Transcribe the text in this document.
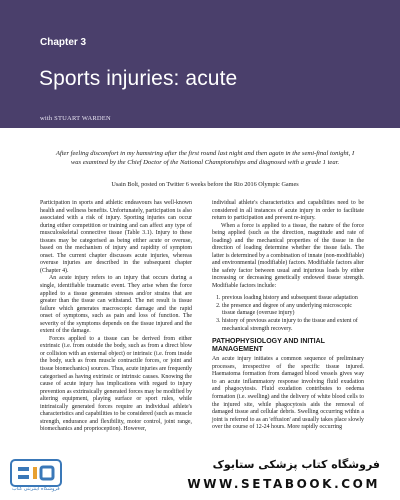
Chapter 3
Sports injuries: acute
with STUART WARDEN

After feeling discomfort in my hamstring after the first round last night and then again in the semi-final tonight, I was examined by the Chief Doctor of the National Championships and diagnosed with a grade 1 tear.

Usain Bolt, posted on Twitter 6 weeks before the Rio 2016 Olympic Games

Participation in sports and athletic endeavours has well-known health and wellness benefits. Unfortunately, participation is also associated with a risk of injury. Sporting injuries can occur during either competition or training and can affect any type of musculoskeletal connective tissue (Table 3.1). Injury to these tissues may be categorised as being either acute or overuse, based on the mechanism of injury and rapidity of symptom onset. The current chapter discusses acute injuries, whereas overuse injuries are described in the subsequent chapter (Chapter 4).

An acute injury refers to an injury that occurs during a single, identifiable traumatic event. They arise when the force applied to a tissue generates stresses and/or strains that are greater than the tissue can withstand. The net result is tissue failure which generates macroscopic damage and the rapid onset of symptoms, such as pain and loss of function. The severity of the symptoms depends on the tissue injured and the extent of the damage.

Forces applied to a tissue can be derived from either extrinsic (i.e. from outside the body, such as from a direct blow or collision with an external object) or intrinsic (i.e. from inside the body, such as from muscle contractile forces, or joint and tissue biomechanics) sources. Thus, acute injuries are frequently categorised as having extrinsic or intrinsic causes. Knowing the cause of acute injury has implications with regard to injury prevention as extrinsically generated forces may be modified by altering equipment, playing surface or sport rules, while intrinsically generated forces require an individual athlete's characteristics and capabilities to be considered (such as muscle strength, endurance and flexibility, motor control, joint range, biomechanics and proprioception). However,

individual athlete's characteristics and capabilities need to be considered in all instances of acute injury in order to facilitate return to participation and prevent re-injury.

When a force is applied to a tissue, the nature of the force being applied (such as the direction, magnitude and rate of loading) and the mechanical properties of the tissue in the direction of loading determine whether the tissue fails. The latter is determined by a combination of innate (non-modifiable) and environmental (modifiable) factors. Modifiable factors alter the safety factor between usual and injurious loads by either increasing or decreasing genetically endowed tissue strength. Modifiable factors include:

1. previous loading history and subsequent tissue adaptation
2. the presence and degree of any underlying microscopic tissue damage (overuse injury)
3. history of previous acute injury to the tissue and extent of mechanical strength recovery.
PATHOPHYSIOLOGY AND INITIAL MANAGEMENT

An acute injury initiates a common sequence of preliminary processes, irrespective of the specific tissue injured. Haematoma formation from damaged blood vessels gives way to an acute inflammatory response involving fluid exudation and phagocytosis. Fluid exudation contributes to oedema formation (i.e. swelling) and the delivery of white blood cells to the injured site, while phagocytosis aids the removal of damaged tissue and cellular debris. Swelling occurring within a joint is referred to as an 'effusion' and usually takes place slowly over the course of 12-24 hours. More rapidly occurring

فروشگاه اینترنتی کتاب
فروشگاه کتاب پزشکی ستابوک
WWW.SETABOOK.COM
